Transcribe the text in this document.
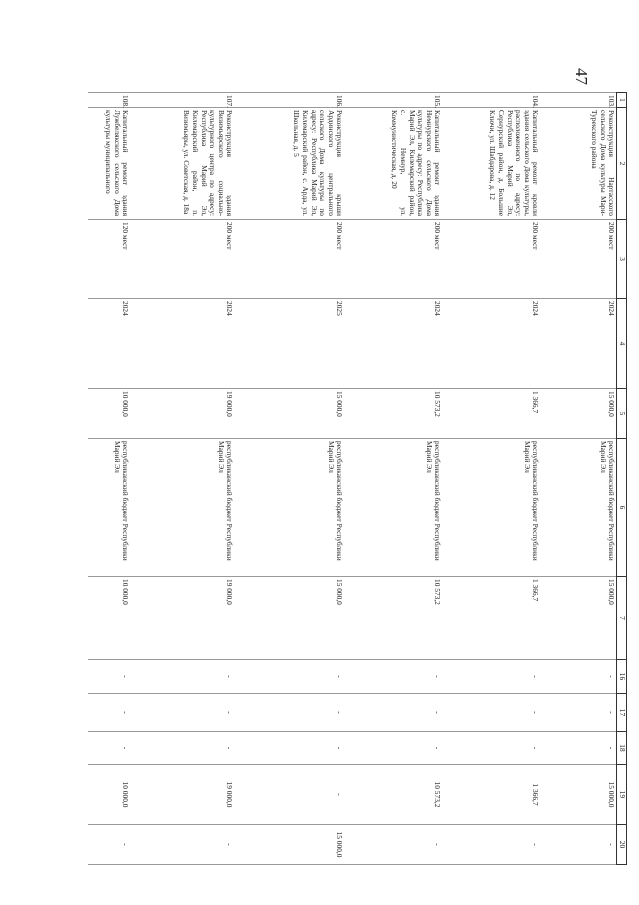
47
1	2	3	4	5	6	7	16	17	18	19	20
103.	Реконструкция Нартасского сельского Дома культуры Мари-Турекского района	200 мест	2024	15 000,0	республиканский бюджет Республики Марий Эл	15 000,0	-	-	-	15 000,0	-
104.	Капитальный ремонт кровли здания сельского Дома культуры, расположенного по адресу: Республика Марий Эл, Сернурский район, д. Большие Ключи, ул. Шабдарова, д. 12	200 мест	2024	1 366,7	республиканский бюджет Республики Марий Эл	1 366,7	-	-	-	1 366,7	-
105.	Капитальный ремонт здания Немнурского сельского Дома культуры по адресу: Республика Марий Эл, Килемарский район, с. Немнур, ул. Коммунистическая, д. 20	200 мест	2024	10 573,2	республиканский бюджет Республики Марий Эл	10 573,2	-	-	-	10 573,2	-
106.	Реконструкция крыши Ардинского центрального сельского Дома культуры по адресу: Республика Марий Эл, Килемарский район, с. Арда, ул. Школьная, д. 5	200 мест	2025	15 000,0	республиканский бюджет Республики Марий Эл	15 000,0	-	-	-	-	15 000,0
107.	Реконструкция здания Визимьярского социально-культурного центра по адресу: Республика Марий Эл, Килемарский район, п. Визимьяры, ул. Советская, д. 18а	200 мест	2024	19 000,0	республиканский бюджет Республики Марий Эл	19 000,0	-	-	-	19 000,0	-
108.	Капитальный ремонт здания Лужбелякского сельского Дома культуры муниципального	120 мест	2024	10 000,0	республиканский бюджет Республики Марий Эл	10 000,0	-	-	-	10 000,0	-
